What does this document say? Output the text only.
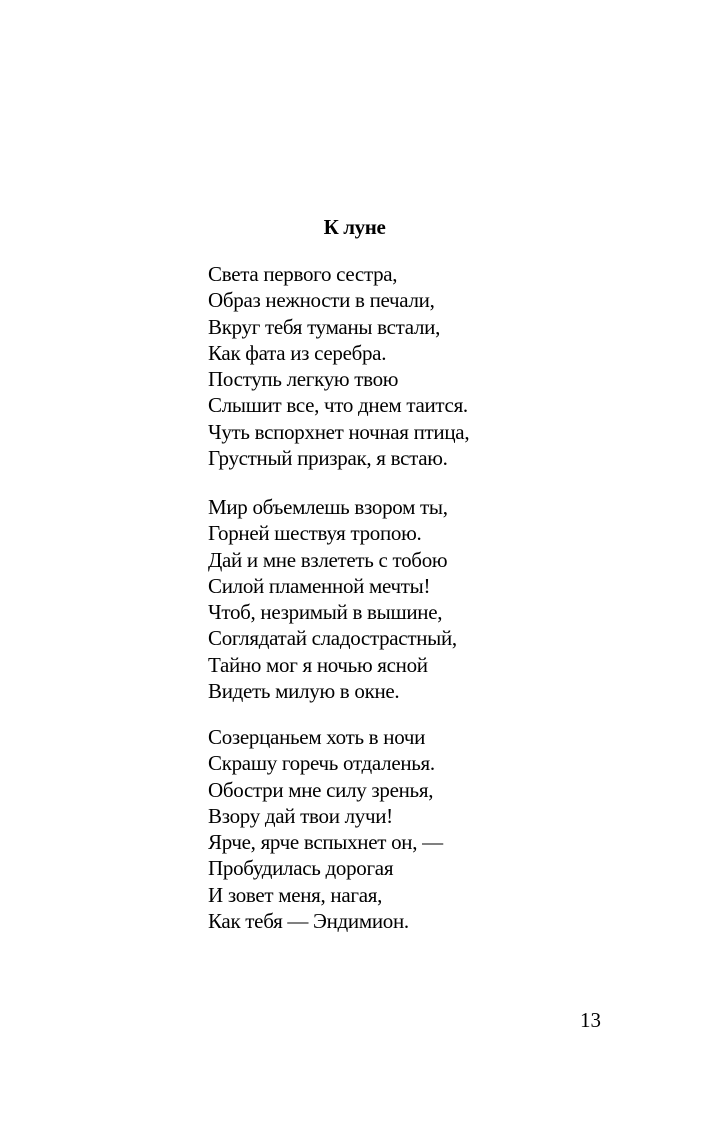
К луне
Света первого сестра,
Образ нежности в печали,
Вкруг тебя туманы встали,
Как фата из серебра.
Поступь легкую твою
Слышит все, что днем таится.
Чуть вспорхнет ночная птица,
Грустный призрак, я встаю.
Мир объемлешь взором ты,
Горней шествуя тропою.
Дай и мне взлететь с тобою
Силой пламенной мечты!
Чтоб, незримый в вышине,
Соглядатай сладострастный,
Тайно мог я ночью ясной
Видеть милую в окне.
Созерцаньем хоть в ночи
Скрашу горечь отдаленья.
Обостри мне силу зренья,
Взору дай твои лучи!
Ярче, ярче вспыхнет он, —
Пробудилась дорогая
И зовет меня, нагая,
Как тебя — Эндимион.
13
